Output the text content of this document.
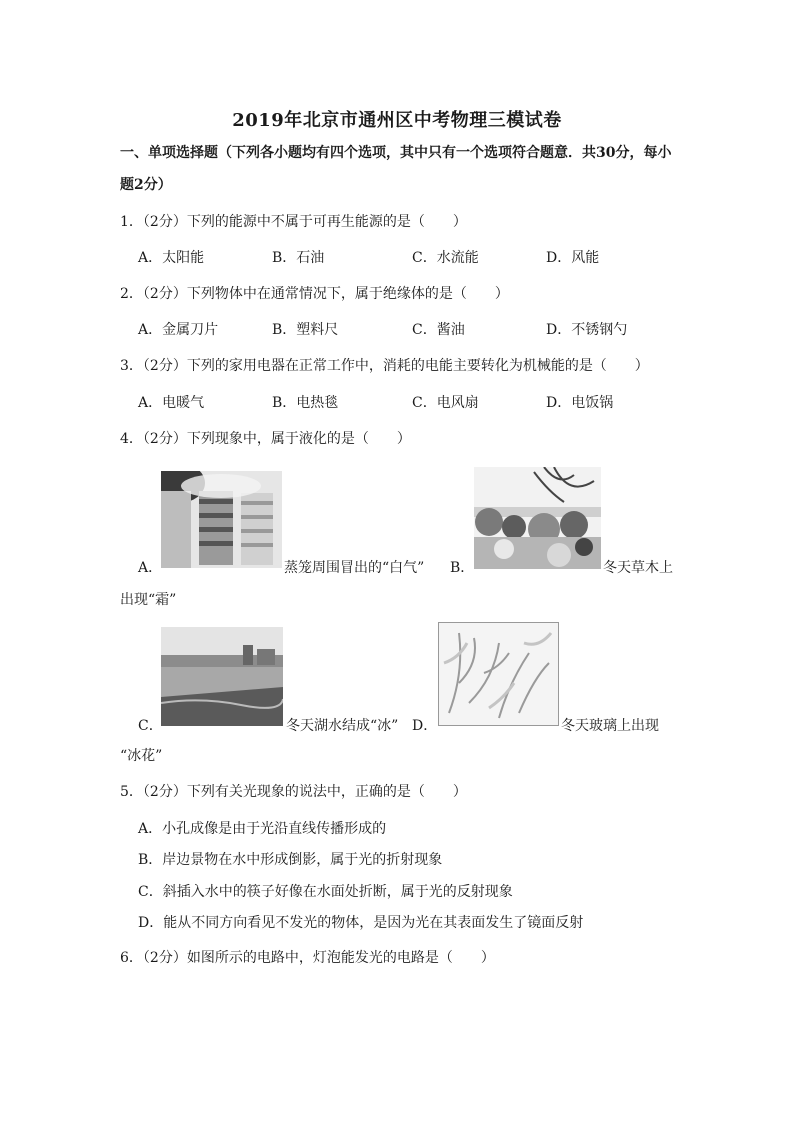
2019年北京市通州区中考物理三模试卷
一、单项选择题（下列各小题均有四个选项，其中只有一个选项符合题意．共30分，每小
题2分）
1．（2分）下列的能源中不属于可再生能源的是（　　）
A．太阳能	B．石油	C．水流能	D．风能
2．（2分）下列物体中在通常情况下，属于绝缘体的是（　　）
A．金属刀片	B．塑料尺	C．酱油	D．不锈钢勺
3．（2分）下列的家用电器在正常工作中，消耗的电能主要转化为机械能的是（　　）
A．电暖气	B．电热毯	C．电风扇	D．电饭锅
4．（2分）下列现象中，属于液化的是（　　）
A．	蒸笼周围冒出的“白气” B．	冬天草木上
出现“霜”
C．	冬天湖水结成“冰” D．	冬天玻璃上出现
“冰花”
5．（2分）下列有关光现象的说法中，正确的是（　　）
A．小孔成像是由于光沿直线传播形成的
B．岸边景物在水中形成倒影，属于光的折射现象
C．斜插入水中的筷子好像在水面处折断，属于光的反射现象
D．能从不同方向看见不发光的物体，是因为光在其表面发生了镜面反射
6．（2分）如图所示的电路中，灯泡能发光的电路是（　　）
